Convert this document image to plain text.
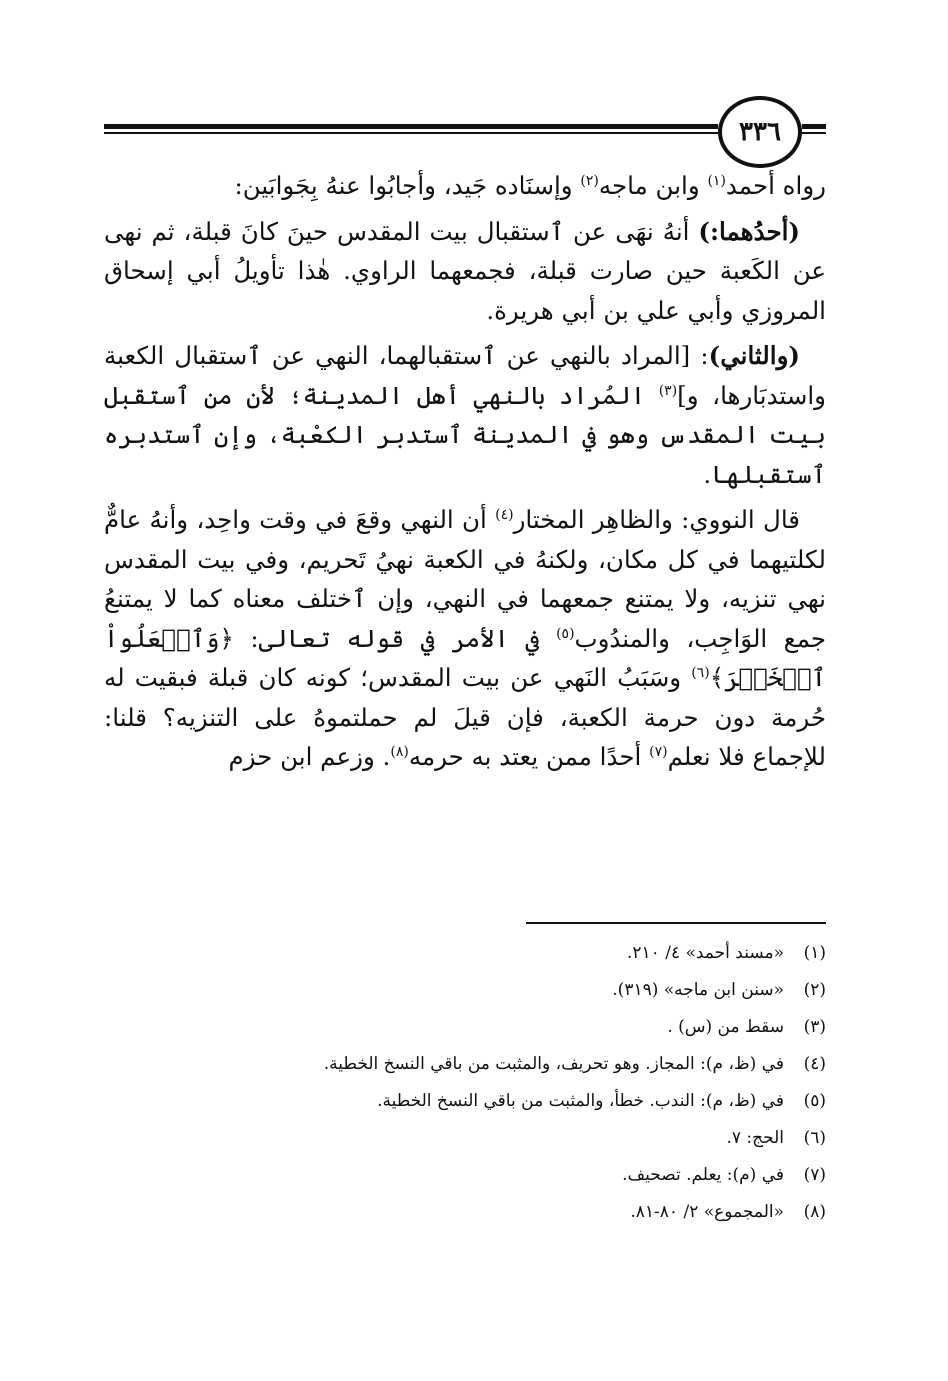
٣٣٦

رواه أحمد$^{(١)}$ وابن ماجه$^{(٢)}$ وإسنَاده جَيد، وأجابُوا عنهُ بِجَوابَين:

(أحدُهما:) أنهُ نهَى عن ٱستقبال بيت المقدس حينَ كانَ قبلة، ثم نهى عن الكَعبة حين صارت قبلة، فجمعهما الراوي. هٰذا تأويلُ أبي إسحاق المروزي وأبي علي بن أبي هريرة.

(والثاني): [المراد بالنهي عن ٱستقبالهما، النهي عن ٱستقبال الكعبة واستدبَارها، و]$^{(٣)}$ المُراد بالنهي أهل المدينة؛ لأن من ٱستقبل بيت المقدس وهو في المدينة ٱستدبر الكعْبة، وإن ٱستدبره ٱستقبلها.

قال النووي: والظاهِر المختار$^{(٤)}$ أن النهي وقعَ في وقت واحِد، وأنهُ عامٌّ لكلتيهما في كل مكان، ولكنهُ في الكعبة نهيُ تَحريم، وفي بيت المقدس نهي تنزيه، ولا يمتنع جمعهما في النهي، وإن ٱختلف معناه كما لا يمتنعُ جمع الوَاجِب، والمندُوب$^{(٥)}$ في الأمر في قوله تعالى: ﴿وَٱفۡعَلُواْ ٱلۡخَيۡرَ﴾$^{(٦)}$ وسَبَبُ النَهي عن بيت المقدس؛ كونه كان قبلة فبقيت له حُرمة دون حرمة الكعبة، فإن قيلَ لم حملتموهُ على التنزيه؟ قلنا: للإجماع فلا نعلم$^{(٧)}$ أحدًا ممن يعتد به حرمه$^{(٨)}$. وزعم ابن حزم

(١)
«مسند أحمد» ٤/ ٢١٠.
(٢)
«سنن ابن ماجه» (٣١٩).
(٣)
سقط من (س) .
(٤)
في (ظ، م): المجاز. وهو تحريف، والمثبت من باقي النسخ الخطية.
(٥)
في (ظ، م): الندب. خطأ، والمثبت من باقي النسخ الخطية.
(٦)
الحج: ٧.
(٧)
في (م): يعلم. تصحيف.
(٨)
«المجموع» ٢/ ٨٠-٨١.
